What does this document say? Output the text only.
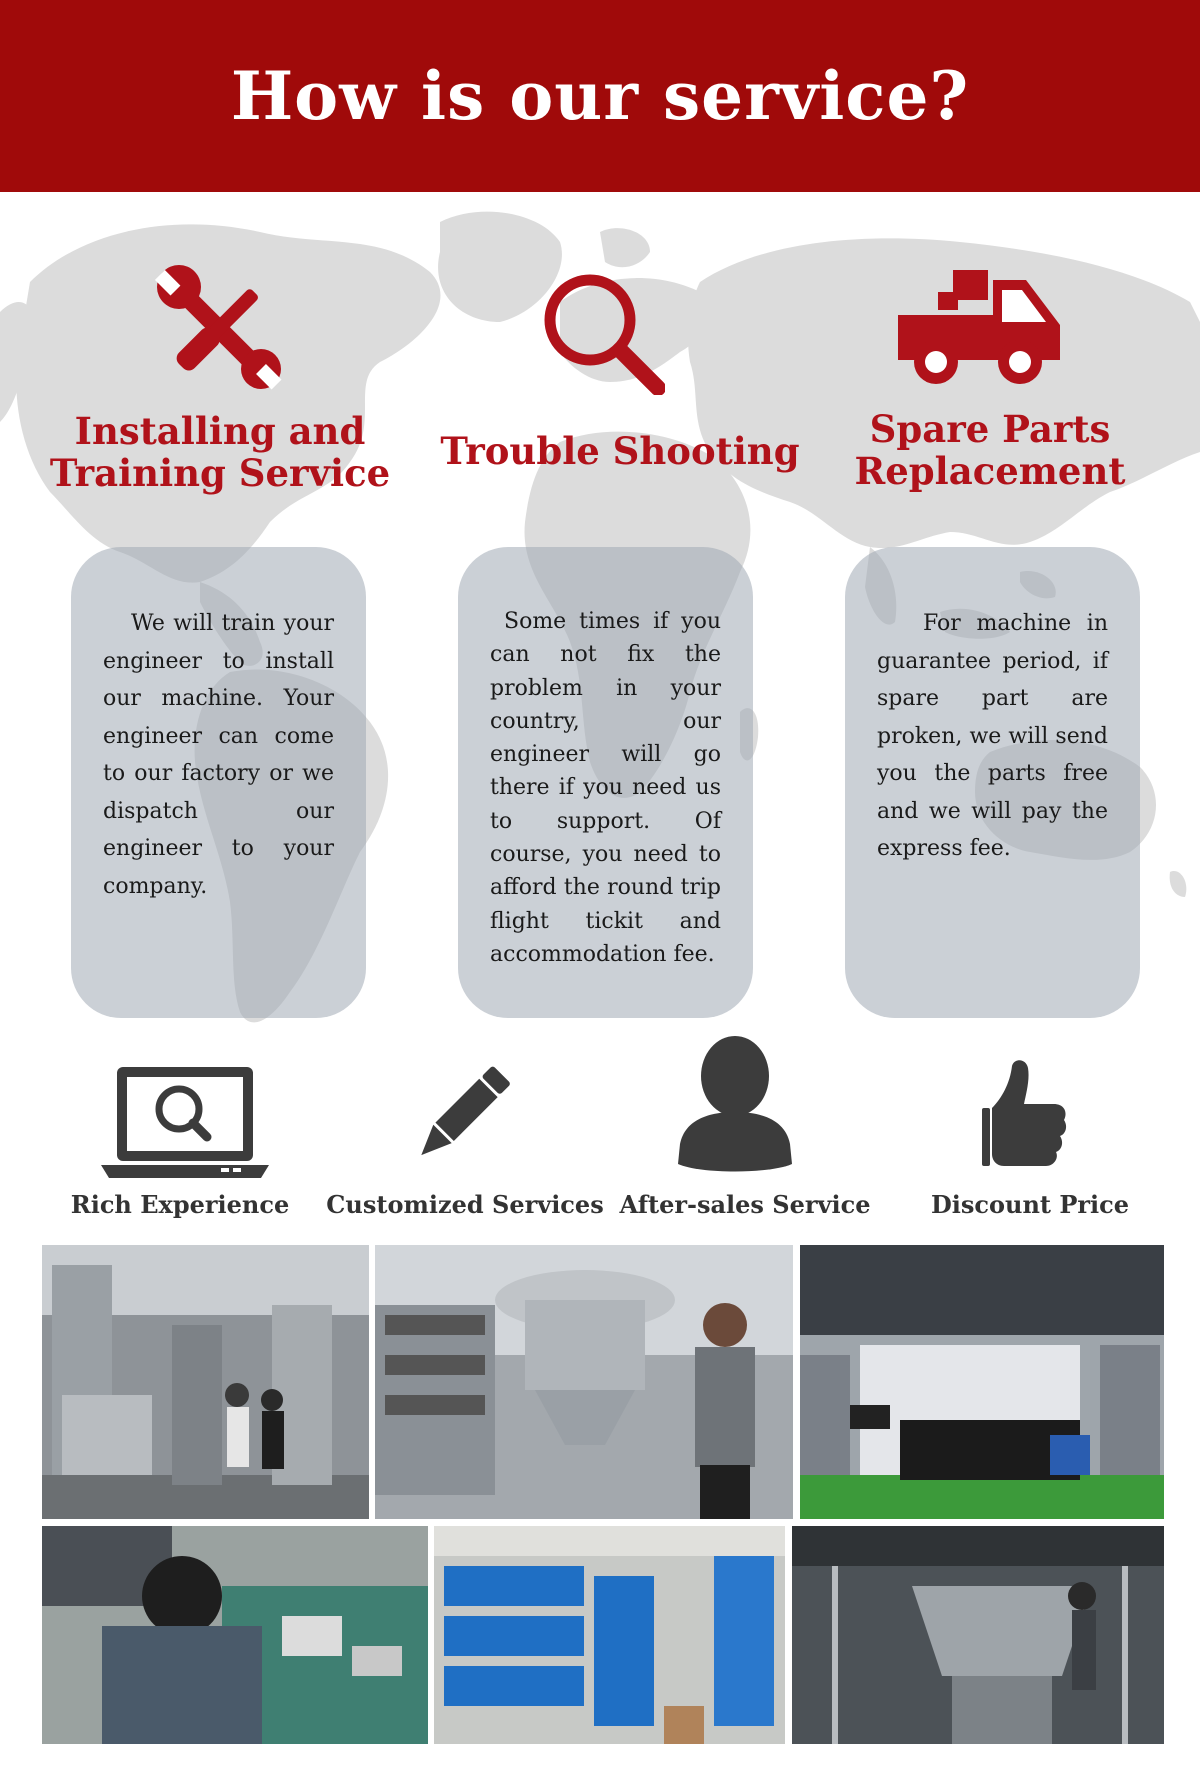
How is our service?
Installing and
Training Service Trouble Shooting	Spare Parts
Replacement

We will train your engineer to install our machine. Your engineer can come to our factory or we dispatch our engineer to your company.

Some times if you can not fix the problem in your country, our engineer will go there if you need us to support. Of course, you need to afford the round trip flight tickit and accommodation fee.

For machine in guarantee period, if spare part are proken, we will send you the parts free and we will pay the express fee.

Rich Experience	Customized Services After-sales Service	Discount Price
